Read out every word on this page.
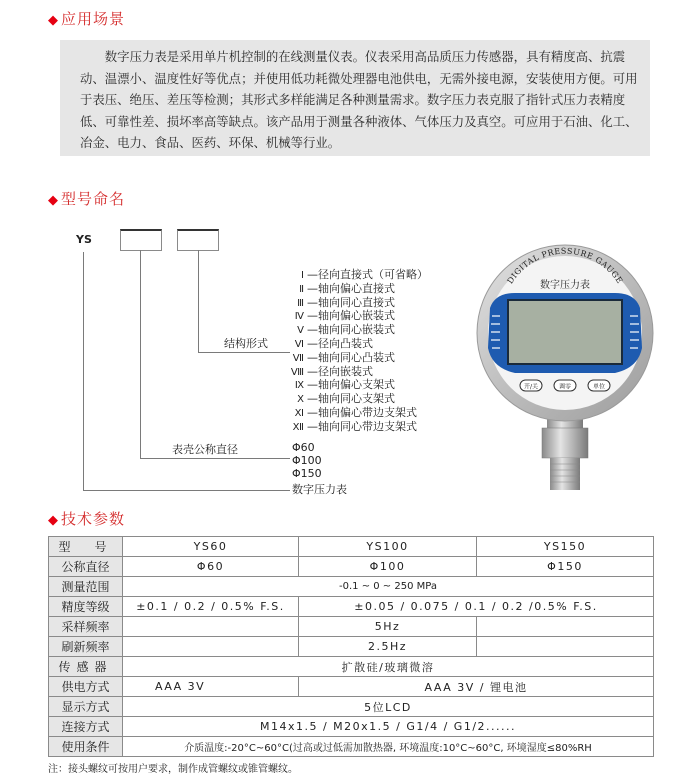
◆ 应用场景

数字压力表是采用单片机控制的在线测量仪表。仪表采用高品质压力传感器，具有精度高、抗震动、温漂小、温度性好等优点；并使用低功耗微处理器电池供电，无需外接电源，安装使用方便。可用于表压、绝压、差压等检测；其形式多样能满足各种测量需求。数字压力表克服了指针式压力表精度低、可靠性差、损坏率高等缺点。该产品用于测量各种液体、气体压力及真空。可应用于石油、化工、冶金、电力、食品、医药、环保、机械等行业。

◆ 型号命名
YS
结构形式
表壳公称直径
Ⅰ —径向直接式（可省略）
Ⅱ —轴向偏心直接式
Ⅲ —轴向同心直接式
Ⅳ —轴向偏心嵌装式
Ⅴ —轴向同心嵌装式
Ⅵ —径向凸装式
Ⅶ —轴向同心凸装式
Ⅷ —径向嵌装式
Ⅸ —轴向偏心支架式
Ⅹ —轴向同心支架式
Ⅺ —轴向偏心带边支架式
Ⅻ —轴向同心带边支架式
Φ60
Φ100
Φ150
数字压力表
DIGITAL PRESSURE GAUGE
数字压力表
开/关	调零	单位
◆ 技术参数
型　号	YS60	YS100	YS150
公称直径	Φ60	Φ100	Φ150
测量范围	-0.1 ~ 0 ~ 250 MPa		
精度等级	±0.1 / 0.2 / 0.5% F.S.	±0.05 / 0.075 / 0.1 / 0.2 /0.5% F.S.	
采样频率		5Hz	
刷新频率		2.5Hz	
传感器	扩散硅/玻璃微溶		
供电方式	AAA 3V	AAA 3V / 锂电池	
显示方式	5位LCD		
连接方式	M14x1.5 / M20x1.5 / G1/4 / G1/2......		
使用条件	介质温度:-20°C~60°C(过高或过低需加散热器, 环境温度:10°C~60°C, 环境湿度≤80%RH		
注：接头螺纹可按用户要求，制作成管螺纹或锥管螺纹。
